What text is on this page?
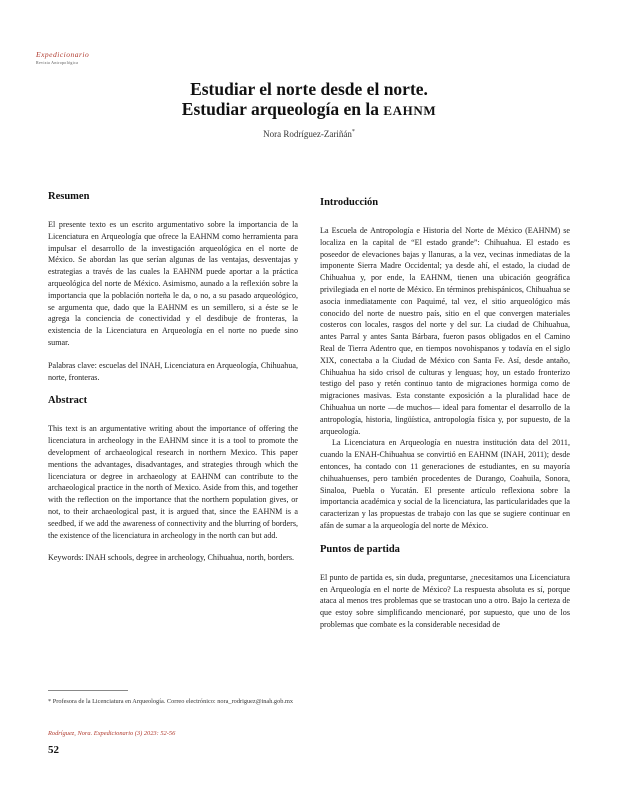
Expedicionario
Revista Antropológica
Estudiar el norte desde el norte.
Estudiar arqueología en la EAHNM
Nora Rodríguez-Zariñán*
Resumen

El presente texto es un escrito argumentativo sobre la importancia de la Licenciatura en Arqueología que ofrece la EAHNM como herramienta para impulsar el desarrollo de la investigación arqueológica en el norte de México. Se abordan las que serían algunas de las ventajas, desventajas y estrategias a través de las cuales la EAHNM puede aportar a la práctica arqueológica del norte de México. Asimismo, aunado a la reflexión sobre la importancia que la población norteña le da, o no, a su pasado arqueológico, se argumenta que, dado que la EAHNM es un semillero, si a éste se le agrega la conciencia de conectividad y el desdibuje de fronteras, la existencia de la Licenciatura en Arqueología en el norte no puede sino sumar.

Palabras clave: escuelas del INAH, Licenciatura en Arqueología, Chihuahua, norte, fronteras.

Abstract

This text is an argumentative writing about the importance of offering the licenciatura in archeology in the EAHNM since it is a tool to promote the development of archaeological research in northern Mexico. This paper mentions the advantages, disadvantages, and strategies through which the licenciatura or degree in archaeology at EAHNM can contribute to the archaeological practice in the north of Mexico. Aside from this, and together with the reflection on the importance that the northern population gives, or not, to their archaeological past, it is argued that, since the EAHNM is a seedbed, if we add the awareness of connectivity and the blurring of borders, the existence of the licenciatura in archeology in the north can but add.

Keywords: INAH schools, degree in archeology, Chihuahua, north, borders.

Introducción

La Escuela de Antropología e Historia del Norte de México (EAHNM) se localiza en la capital de “El estado grande”: Chihuahua. El estado es poseedor de elevaciones bajas y llanuras, a la vez, vecinas inmediatas de la imponente Sierra Madre Occidental; ya desde ahí, el estado, la ciudad de Chihuahua y, por ende, la EAHNM, tienen una ubicación geográfica privilegiada en el norte de México. En términos prehispánicos, Chihuahua se asocia inmediatamente con Paquimé, tal vez, el sitio arqueológico más conocido del norte de nuestro país, sitio en el que convergen materiales costeros con locales, rasgos del norte y del sur. La ciudad de Chihuahua, antes Parral y antes Santa Bárbara, fueron pasos obligados en el Camino Real de Tierra Adentro que, en tiempos novohispanos y todavía en el siglo XIX, conectaba a la Ciudad de México con Santa Fe. Así, desde antaño, Chihuahua ha sido crisol de culturas y lenguas; hoy, un estado fronterizo testigo del paso y retén continuo tanto de migraciones hormiga como de migraciones masivas. Esta constante exposición a la pluralidad hace de Chihuahua un norte —de muchos— ideal para fomentar el desarrollo de la antropología, historia, lingüística, antropología física y, por supuesto, de la arqueología.

La Licenciatura en Arqueología en nuestra institución data del 2011, cuando la ENAH-Chihuahua se convirtió en EAHNM (INAH, 2011); desde entonces, ha contado con 11 generaciones de estudiantes, en su mayoría chihuahuenses, pero también procedentes de Durango, Coahuila, Sonora, Sinaloa, Puebla o Yucatán. El presente artículo reflexiona sobre la importancia académica y social de la licenciatura, las particularidades que la caracterizan y las propuestas de trabajo con las que se sugiere continuar en afán de sumar a la arqueología del norte de México.

Puntos de partida

El punto de partida es, sin duda, preguntarse, ¿necesitamos una Licenciatura en Arqueología en el norte de México? La respuesta absoluta es sí, porque ataca al menos tres problemas que se trastocan uno a otro. Bajo la certeza de que estoy sobre simplificando mencionaré, por supuesto, que uno de los problemas que combate es la considerable necesidad de

* Profesora de la Licenciatura en Arqueología. Correo electrónico: nora_rodriguez@inah.gob.mx
Rodríguez, Nora. Expedicionario (3) 2023: 52-56
52
